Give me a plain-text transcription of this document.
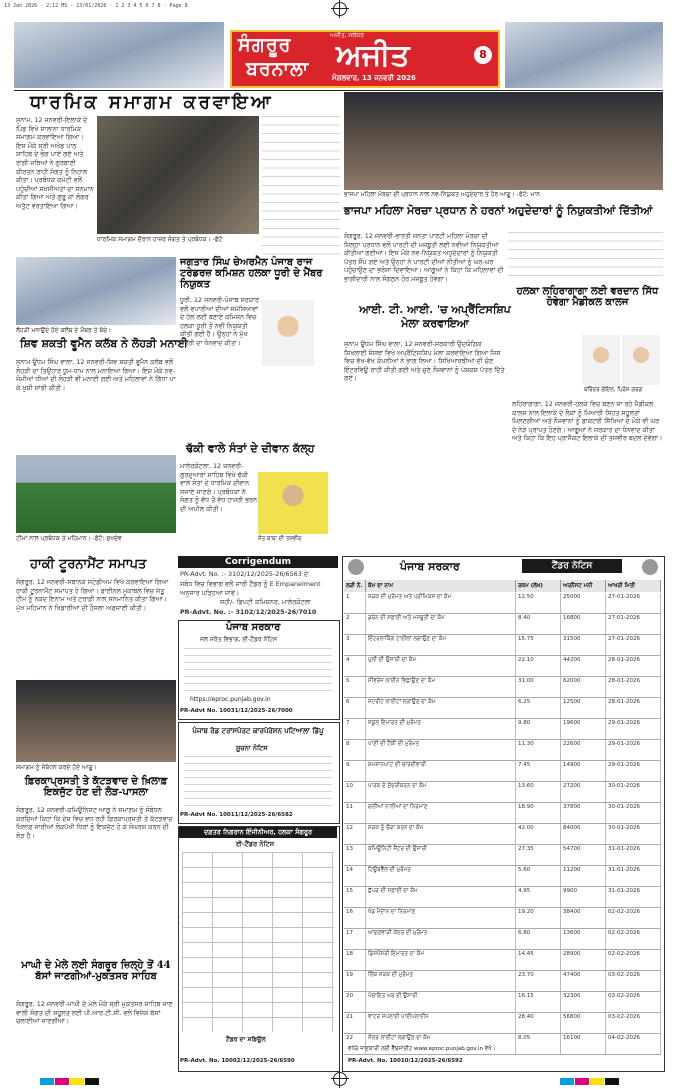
13 Jan 2026 · 2:12 MS · 13/01/2026 · 1 2 3 4 5 6 7 8 · Page 8
ਸੰਗਰੂਰ
ਬਰਨਾਲਾ
ਅਜੀਤ, ਜਲੰਧਰ
ਅਜੀਤ
ਮੰਗਲਵਾਰ, 13 ਜਨਵਰੀ 2026
8
ਧਾਰਮਿਕ ਸਮਾਗਮ ਕਰਵਾਇਆ
ਸੁਨਾਮ, 12 ਜਨਵਰੀ-ਇਲਾਕੇ ਦੇ ਪਿੰਡ ਵਿਖੇ ਸਾਲਾਨਾ ਧਾਰਮਿਕ ਸਮਾਗਮ ਕਰਵਾਇਆ ਗਿਆ। ਇਸ ਮੌਕੇ ਸ੍ਰੀ ਅਖੰਡ ਪਾਠ ਸਾਹਿਬ ਦੇ ਭੋਗ ਪਾਏ ਗਏ ਅਤੇ ਰਾਗੀ ਜਥਿਆਂ ਨੇ ਗੁਰਬਾਣੀ ਕੀਰਤਨ ਰਾਹੀਂ ਸੰਗਤ ਨੂੰ ਨਿਹਾਲ ਕੀਤਾ। ਪ੍ਰਬੰਧਕ ਕਮੇਟੀ ਵਲੋਂ ਪਹੁੰਚੀਆਂ ਸ਼ਖ਼ਸੀਅਤਾਂ ਦਾ ਸਨਮਾਨ ਕੀਤਾ ਗਿਆ ਅਤੇ ਗੁਰੂ ਕਾ ਲੰਗਰ ਅਤੁੱਟ ਵਰਤਾਇਆ ਗਿਆ।
ਧਾਰਮਿਕ ਸਮਾਗਮ ਦੌਰਾਨ ਹਾਜ਼ਰ ਸੰਗਤ ਤੇ ਪ੍ਰਬੰਧਕ। -ਫੋਟੋ
ਭਾਜਪਾ ਮਹਿਲਾ ਮੋਰਚਾ ਦੀ ਪ੍ਰਧਾਨ ਨਾਲ ਨਵ-ਨਿਯੁਕਤ ਅਹੁਦੇਦਾਰ ਤੇ ਹੋਰ ਆਗੂ। -ਫੋਟੋ: ਮਾਨ
ਭਾਜਪਾ ਮਹਿਲਾ ਮੋਰਚਾ ਪ੍ਰਧਾਨ ਨੇ ਹਰਨਾਂ ਅਹੁਦੇਦਾਰਾਂ ਨੂੰ ਨਿਯੁਕਤੀਆਂ ਦਿੱਤੀਆਂ
ਸੰਗਰੂਰ, 12 ਜਨਵਰੀ-ਭਾਰਤੀ ਜਨਤਾ ਪਾਰਟੀ ਮਹਿਲਾ ਮੋਰਚਾ ਦੀ ਜ਼ਿਲ੍ਹਾ ਪ੍ਰਧਾਨ ਵਲੋਂ ਪਾਰਟੀ ਦੀ ਮਜ਼ਬੂਤੀ ਲਈ ਨਵੀਆਂ ਨਿਯੁਕਤੀਆਂ ਕੀਤੀਆਂ ਗਈਆਂ। ਇਸ ਮੌਕੇ ਨਵ-ਨਿਯੁਕਤ ਅਹੁਦੇਦਾਰਾਂ ਨੂੰ ਨਿਯੁਕਤੀ ਪੱਤਰ ਸੌਂਪੇ ਗਏ ਅਤੇ ਉਨ੍ਹਾਂ ਨੇ ਪਾਰਟੀ ਦੀਆਂ ਨੀਤੀਆਂ ਨੂੰ ਘਰ-ਘਰ ਪਹੁੰਚਾਉਣ ਦਾ ਭਰੋਸਾ ਦਿਵਾਇਆ। ਆਗੂਆਂ ਨੇ ਕਿਹਾ ਕਿ ਮਹਿਲਾਵਾਂ ਦੀ ਭਾਗੀਦਾਰੀ ਨਾਲ ਸੰਗਠਨ ਹੋਰ ਮਜ਼ਬੂਤ ਹੋਵੇਗਾ।
ਲੋਹੜੀ ਮਨਾਉਂਦੇ ਹੋਏ ਕਲੱਬ ਦੇ ਮੈਂਬਰ ਤੇ ਬੱਚੇ।
ਸ਼ਿਵ ਸ਼ਕਤੀ ਵੂਮੈਨ ਕਲੱਬ ਨੇ ਲੋਹੜੀ ਮਨਾਈ
ਸੁਨਾਮ ਊਧਮ ਸਿੰਘ ਵਾਲਾ, 12 ਜਨਵਰੀ-ਸ਼ਿਵ ਸ਼ਕਤੀ ਵੂਮੈਨ ਕਲੱਬ ਵਲੋਂ ਲੋਹੜੀ ਦਾ ਤਿਉਹਾਰ ਧੂਮ-ਧਾਮ ਨਾਲ ਮਨਾਇਆ ਗਿਆ। ਇਸ ਮੌਕੇ ਨਵ-ਜੰਮੀਆਂ ਧੀਆਂ ਦੀ ਲੋਹੜੀ ਵੀ ਮਨਾਈ ਗਈ ਅਤੇ ਮਹਿਲਾਵਾਂ ਨੇ ਗਿੱਧਾ ਪਾ ਕੇ ਖ਼ੁਸ਼ੀ ਸਾਂਝੀ ਕੀਤੀ।
ਜਗਤਾਰ ਸਿੰਘ ਚੇਅਰਮੈਨ ਪੰਜਾਬ ਰਾਜ ਟਰੇਡਰਜ਼ ਕਮਿਸ਼ਨ ਹਲਕਾ ਧੂਰੀ ਦੇ ਮੈਂਬਰ ਨਿਯੁਕਤ
ਧੂਰੀ, 12 ਜਨਵਰੀ-ਪੰਜਾਬ ਸਰਕਾਰ ਵਲੋਂ ਵਪਾਰੀਆਂ ਦੀਆਂ ਸਮੱਸਿਆਵਾਂ ਦੇ ਹੱਲ ਲਈ ਬਣਾਏ ਕਮਿਸ਼ਨ ਵਿਚ ਹਲਕਾ ਧੂਰੀ ਤੋਂ ਨਵੀਂ ਨਿਯੁਕਤੀ ਕੀਤੀ ਗਈ ਹੈ। ਉਨ੍ਹਾਂ ਨੇ ਮੁੱਖ ਮੰਤਰੀ ਦਾ ਧੰਨਵਾਦ ਕੀਤਾ।
ਢੱਕੀ ਵਾਲੇ ਸੰਤਾਂ ਦੇ ਦੀਵਾਨ ਕੱਲ੍ਹ
ਮਾਲੇਰਕੋਟਲਾ, 12 ਜਨਵਰੀ-ਗੁਰਦੁਆਰਾ ਸਾਹਿਬ ਵਿਖੇ ਢੱਕੀ ਵਾਲੇ ਸੰਤਾਂ ਦੇ ਧਾਰਮਿਕ ਦੀਵਾਨ ਸਜਾਏ ਜਾਣਗੇ। ਪ੍ਰਬੰਧਕਾਂ ਨੇ ਸੰਗਤ ਨੂੰ ਵੱਧ ਤੋਂ ਵੱਧ ਹਾਜ਼ਰੀ ਭਰਨ ਦੀ ਅਪੀਲ ਕੀਤੀ।
ਸੰਤ ਬਾਬਾ ਦੀ ਤਸਵੀਰ
ਟੀਮਾਂ ਨਾਲ ਪ੍ਰਬੰਧਕ ਤੇ ਮਹਿਮਾਨ। -ਫੋਟੋ: ਸੁਖਦੇਵ
ਹਾਕੀ ਟੂਰਨਾਮੈਂਟ ਸਮਾਪਤ
ਸੰਗਰੂਰ, 12 ਜਨਵਰੀ-ਸਥਾਨਕ ਸਟੇਡੀਅਮ ਵਿਖੇ ਕਰਵਾਇਆ ਗਿਆ ਹਾਕੀ ਟੂਰਨਾਮੈਂਟ ਸਮਾਪਤ ਹੋ ਗਿਆ। ਫਾਈਨਲ ਮੁਕਾਬਲੇ ਵਿਚ ਜੇਤੂ ਟੀਮ ਨੂੰ ਨਕਦ ਇਨਾਮ ਅਤੇ ਟਰਾਫ਼ੀ ਨਾਲ ਸਨਮਾਨਿਤ ਕੀਤਾ ਗਿਆ। ਮੁੱਖ ਮਹਿਮਾਨ ਨੇ ਖਿਡਾਰੀਆਂ ਦੀ ਹੌਸਲਾ ਅਫ਼ਜ਼ਾਈ ਕੀਤੀ।
ਆਈ. ਟੀ. ਆਈ. 'ਚ ਅਪ੍ਰੈਂਟਿਸਸ਼ਿਪ ਮੇਲਾ ਕਰਵਾਇਆ
ਸੁਨਾਮ ਊਧਮ ਸਿੰਘ ਵਾਲਾ, 12 ਜਨਵਰੀ-ਸਰਕਾਰੀ ਉਦਯੋਗਿਕ ਸਿਖਲਾਈ ਸੰਸਥਾ ਵਿਖੇ ਅਪ੍ਰੈਂਟਿਸਸ਼ਿਪ ਮੇਲਾ ਕਰਵਾਇਆ ਗਿਆ ਜਿਸ ਵਿਚ ਵੱਖ-ਵੱਖ ਕੰਪਨੀਆਂ ਨੇ ਭਾਗ ਲਿਆ। ਸਿਖਿਆਰਥੀਆਂ ਦੀ ਚੋਣ ਇੰਟਰਵਿਊ ਰਾਹੀਂ ਕੀਤੀ ਗਈ ਅਤੇ ਚੁਣੇ ਨੌਜਵਾਨਾਂ ਨੂੰ ਪੇਸ਼ਕਸ਼ ਪੱਤਰ ਦਿੱਤੇ ਗਏ।
ਹਲਕਾ ਲਹਿਰਾਗਾਗਾ ਲਈ ਵਰਦਾਨ ਸਿੱਧ ਹੋਵੇਗਾ ਮੈਡੀਕਲ ਕਾਲਜ
ਬਰਿੰਦਰ ਗੋਇਲ, ਪ੍ਰਿੰਸ ਗਰਗ
ਲਹਿਰਾਗਾਗਾ, 12 ਜਨਵਰੀ-ਹਲਕੇ ਵਿਚ ਬਣਨ ਜਾ ਰਹੇ ਮੈਡੀਕਲ ਕਾਲਜ ਨਾਲ ਇਲਾਕੇ ਦੇ ਲੋਕਾਂ ਨੂੰ ਮਿਆਰੀ ਸਿਹਤ ਸਹੂਲਤਾਂ ਮਿਲਣਗੀਆਂ ਅਤੇ ਨੌਜਵਾਨਾਂ ਨੂੰ ਡਾਕਟਰੀ ਸਿੱਖਿਆ ਦੇ ਮੌਕੇ ਵੀ ਘਰ ਦੇ ਨੇੜੇ ਪ੍ਰਾਪਤ ਹੋਣਗੇ। ਆਗੂਆਂ ਨੇ ਸਰਕਾਰ ਦਾ ਧੰਨਵਾਦ ਕੀਤਾ ਅਤੇ ਕਿਹਾ ਕਿ ਇਹ ਪ੍ਰਾਜੈਕਟ ਇਲਾਕੇ ਦੀ ਤਸਵੀਰ ਬਦਲ ਦੇਵੇਗਾ।
ਸਮਾਗਮ ਨੂੰ ਸੰਬੋਧਨ ਕਰਦੇ ਹੋਏ ਆਗੂ।
ਫ਼ਿਰਕਾਪ੍ਰਸਤੀ ਤੇ ਕੱਟੜਵਾਦ ਦੇ ਖ਼ਿਲਾਫ਼ ਇਕਜੁੱਟ ਹੋਣ ਦੀ ਲੋੜ-ਪਾਸਲਾ
ਸੰਗਰੂਰ, 12 ਜਨਵਰੀ-ਕਮਿਊਨਿਸਟ ਆਗੂ ਨੇ ਸਮਾਗਮ ਨੂੰ ਸੰਬੋਧਨ ਕਰਦਿਆਂ ਕਿਹਾ ਕਿ ਦੇਸ਼ ਵਿਚ ਵਧ ਰਹੀ ਫ਼ਿਰਕਾਪ੍ਰਸਤੀ ਤੇ ਕੱਟੜਵਾਦ ਖ਼ਿਲਾਫ਼ ਸਾਰੀਆਂ ਲੋਕਪੱਖੀ ਧਿਰਾਂ ਨੂੰ ਇਕਜੁੱਟ ਹੋ ਕੇ ਸੰਘਰਸ਼ ਕਰਨ ਦੀ ਲੋੜ ਹੈ।
ਮਾਘੀ ਦੇ ਮੇਲੇ ਲਈ ਸੰਗਰੂਰ ਜ਼ਿਲ੍ਹੇ ਤੋਂ 44 ਬੱਸਾਂ ਜਾਣਗੀਆਂ-ਮੁਕਤਸਰ ਸਾਹਿਬ
ਸੰਗਰੂਰ, 12 ਜਨਵਰੀ-ਮਾਘੀ ਦੇ ਮੇਲੇ ਮੌਕੇ ਸ੍ਰੀ ਮੁਕਤਸਰ ਸਾਹਿਬ ਜਾਣ ਵਾਲੀ ਸੰਗਤ ਦੀ ਸਹੂਲਤ ਲਈ ਪੀ.ਆਰ.ਟੀ.ਸੀ. ਵਲੋਂ ਵਿਸ਼ੇਸ਼ ਬੱਸਾਂ ਚਲਾਈਆਂ ਜਾਣਗੀਆਂ।
Corrigendum
PR-Advt. No. :- 3102/12/2025-26/6563 ਦੇ
ਸਬੰਧ ਵਿਚ ਵਿਭਾਗ ਵਲੋਂ ਜਾਰੀ ਟੈਂਡਰ ਨੂੰ E Empanelment ਅਨੁਸਾਰ ਪੜ੍ਹਿਆ ਜਾਵੇ।
ਸਹੀ/- ਡਿਪਟੀ ਕਮਿਸ਼ਨਰ, ਮਾਲੇਰਕੋਟਲਾ
PR-Advt. No. :- 3102/12/2025-26/7010
ਪੰਜਾਬ ਸਰਕਾਰ
ਜਲ ਸਰੋਤ ਵਿਭਾਗ, ਈ-ਟੈਂਡਰ ਨੋਟਿਸ
https://eproc.punjab.gov.in
PR-Advt No. 10031/12/2025-26/7000
ਪੰਜਾਬ ਰੋਡ ਟਰਾਂਸਪੋਰਟ ਕਾਰਪੋਰੇਸ਼ਨ ਪਟਿਆਲਾ ਡਿੱਪੂ
ਸੂਚਨਾ ਨੋਟਿਸ
PR-Advt No. 10011/12/2025-26/6582
ਦਫ਼ਤਰ ਨਿਗਰਾਨ ਇੰਜੀਨੀਅਰ, ਹਲਕਾ ਸੰਗਰੂਰ
ਈ-ਟੈਂਡਰ ਨੋਟਿਸ
ਟੈਂਡਰ ਦਾ ਸ਼ਡਿਊਲ
PR-Advt. No. 10002/12/2025-26/6590
ਪੰਜਾਬ ਸਰਕਾਰ	ਟੈਂਡਰ ਨੋਟਿਸ
ਲੜੀ ਨੰ.	ਕੰਮ ਦਾ ਨਾਮ	ਰਕਮ (ਲੱਖ)	ਅਰਨੈਸਟ ਮਨੀ	ਆਖਰੀ ਮਿਤੀ
1	ਸੜਕ ਦੀ ਮੁਰੰਮਤ ਅਤੇ ਪ੍ਰੀਮਿਕਸ ਦਾ ਕੰਮ	12.50	25000	27-01-2026
2	ਡਰੇਨ ਦੀ ਸਫ਼ਾਈ ਅਤੇ ਮਜ਼ਬੂਤੀ ਦਾ ਕੰਮ	8.40	16800	27-01-2026
3	ਇੰਟਰਲਾਕਿੰਗ ਟਾਈਲਾਂ ਲਗਾਉਣ ਦਾ ਕੰਮ	15.75	31500	27-01-2026
4	ਪੁਲੀ ਦੀ ਉਸਾਰੀ ਦਾ ਕੰਮ	22.10	44200	28-01-2026
5	ਸੀਵਰੇਜ ਲਾਈਨ ਵਿਛਾਉਣ ਦਾ ਕੰਮ	31.00	62000	28-01-2026
6	ਸਟਰੀਟ ਲਾਈਟਾਂ ਲਗਾਉਣ ਦਾ ਕੰਮ	6.25	12500	28-01-2026
7	ਸਕੂਲ ਇਮਾਰਤ ਦੀ ਮੁਰੰਮਤ	9.80	19600	29-01-2026
8	ਪਾਣੀ ਦੀ ਟੈਂਕੀ ਦੀ ਮੁਰੰਮਤ	11.30	22600	29-01-2026
9	ਸ਼ਮਸ਼ਾਨਘਾਟ ਦੀ ਚਾਰਦੀਵਾਰੀ	7.45	14900	29-01-2026
10	ਪਾਰਕ ਦੇ ਸੁੰਦਰੀਕਰਨ ਦਾ ਕੰਮ	13.60	27200	30-01-2026
11	ਗਲੀਆਂ ਨਾਲੀਆਂ ਦਾ ਨਿਰਮਾਣ	18.90	37800	30-01-2026
12	ਸੜਕ ਨੂੰ ਚੌੜਾ ਕਰਨ ਦਾ ਕੰਮ	42.00	84000	30-01-2026
13	ਕਮਿਊਨਿਟੀ ਸੈਂਟਰ ਦੀ ਉਸਾਰੀ	27.35	54700	31-01-2026
14	ਟਿਊਬਵੈੱਲ ਦੀ ਮੁਰੰਮਤ	5.60	11200	31-01-2026
15	ਛੱਪੜ ਦੀ ਸਫ਼ਾਈ ਦਾ ਕੰਮ	4.95	9900	31-01-2026
16	ਖੇਡ ਮੈਦਾਨ ਦਾ ਨਿਰਮਾਣ	19.20	38400	02-02-2026
17	ਆਂਗਣਵਾੜੀ ਕੇਂਦਰ ਦੀ ਮੁਰੰਮਤ	6.80	13600	02-02-2026
18	ਡਿਸਪੈਂਸਰੀ ਇਮਾਰਤ ਦਾ ਕੰਮ	14.45	28900	02-02-2026
19	ਲਿੰਕ ਸੜਕ ਦੀ ਮੁਰੰਮਤ	23.70	47400	03-02-2026
20	ਪੰਚਾਇਤ ਘਰ ਦੀ ਉਸਾਰੀ	16.15	32300	03-02-2026
21	ਵਾਟਰ ਸਪਲਾਈ ਪਾਈਪਲਾਈਨ	28.40	56800	03-02-2026
22	ਸੋਲਰ ਲਾਈਟਾਂ ਲਗਾਉਣ ਦਾ ਕੰਮ	8.05	16100	04-02-2026
ਵਧੇਰੇ ਜਾਣਕਾਰੀ ਲਈ ਵੈੱਬਸਾਈਟ www.eproc.punjab.gov.in ਵੇਖੋ।
PR-Advt. No. 10010/12/2025-26/6592
